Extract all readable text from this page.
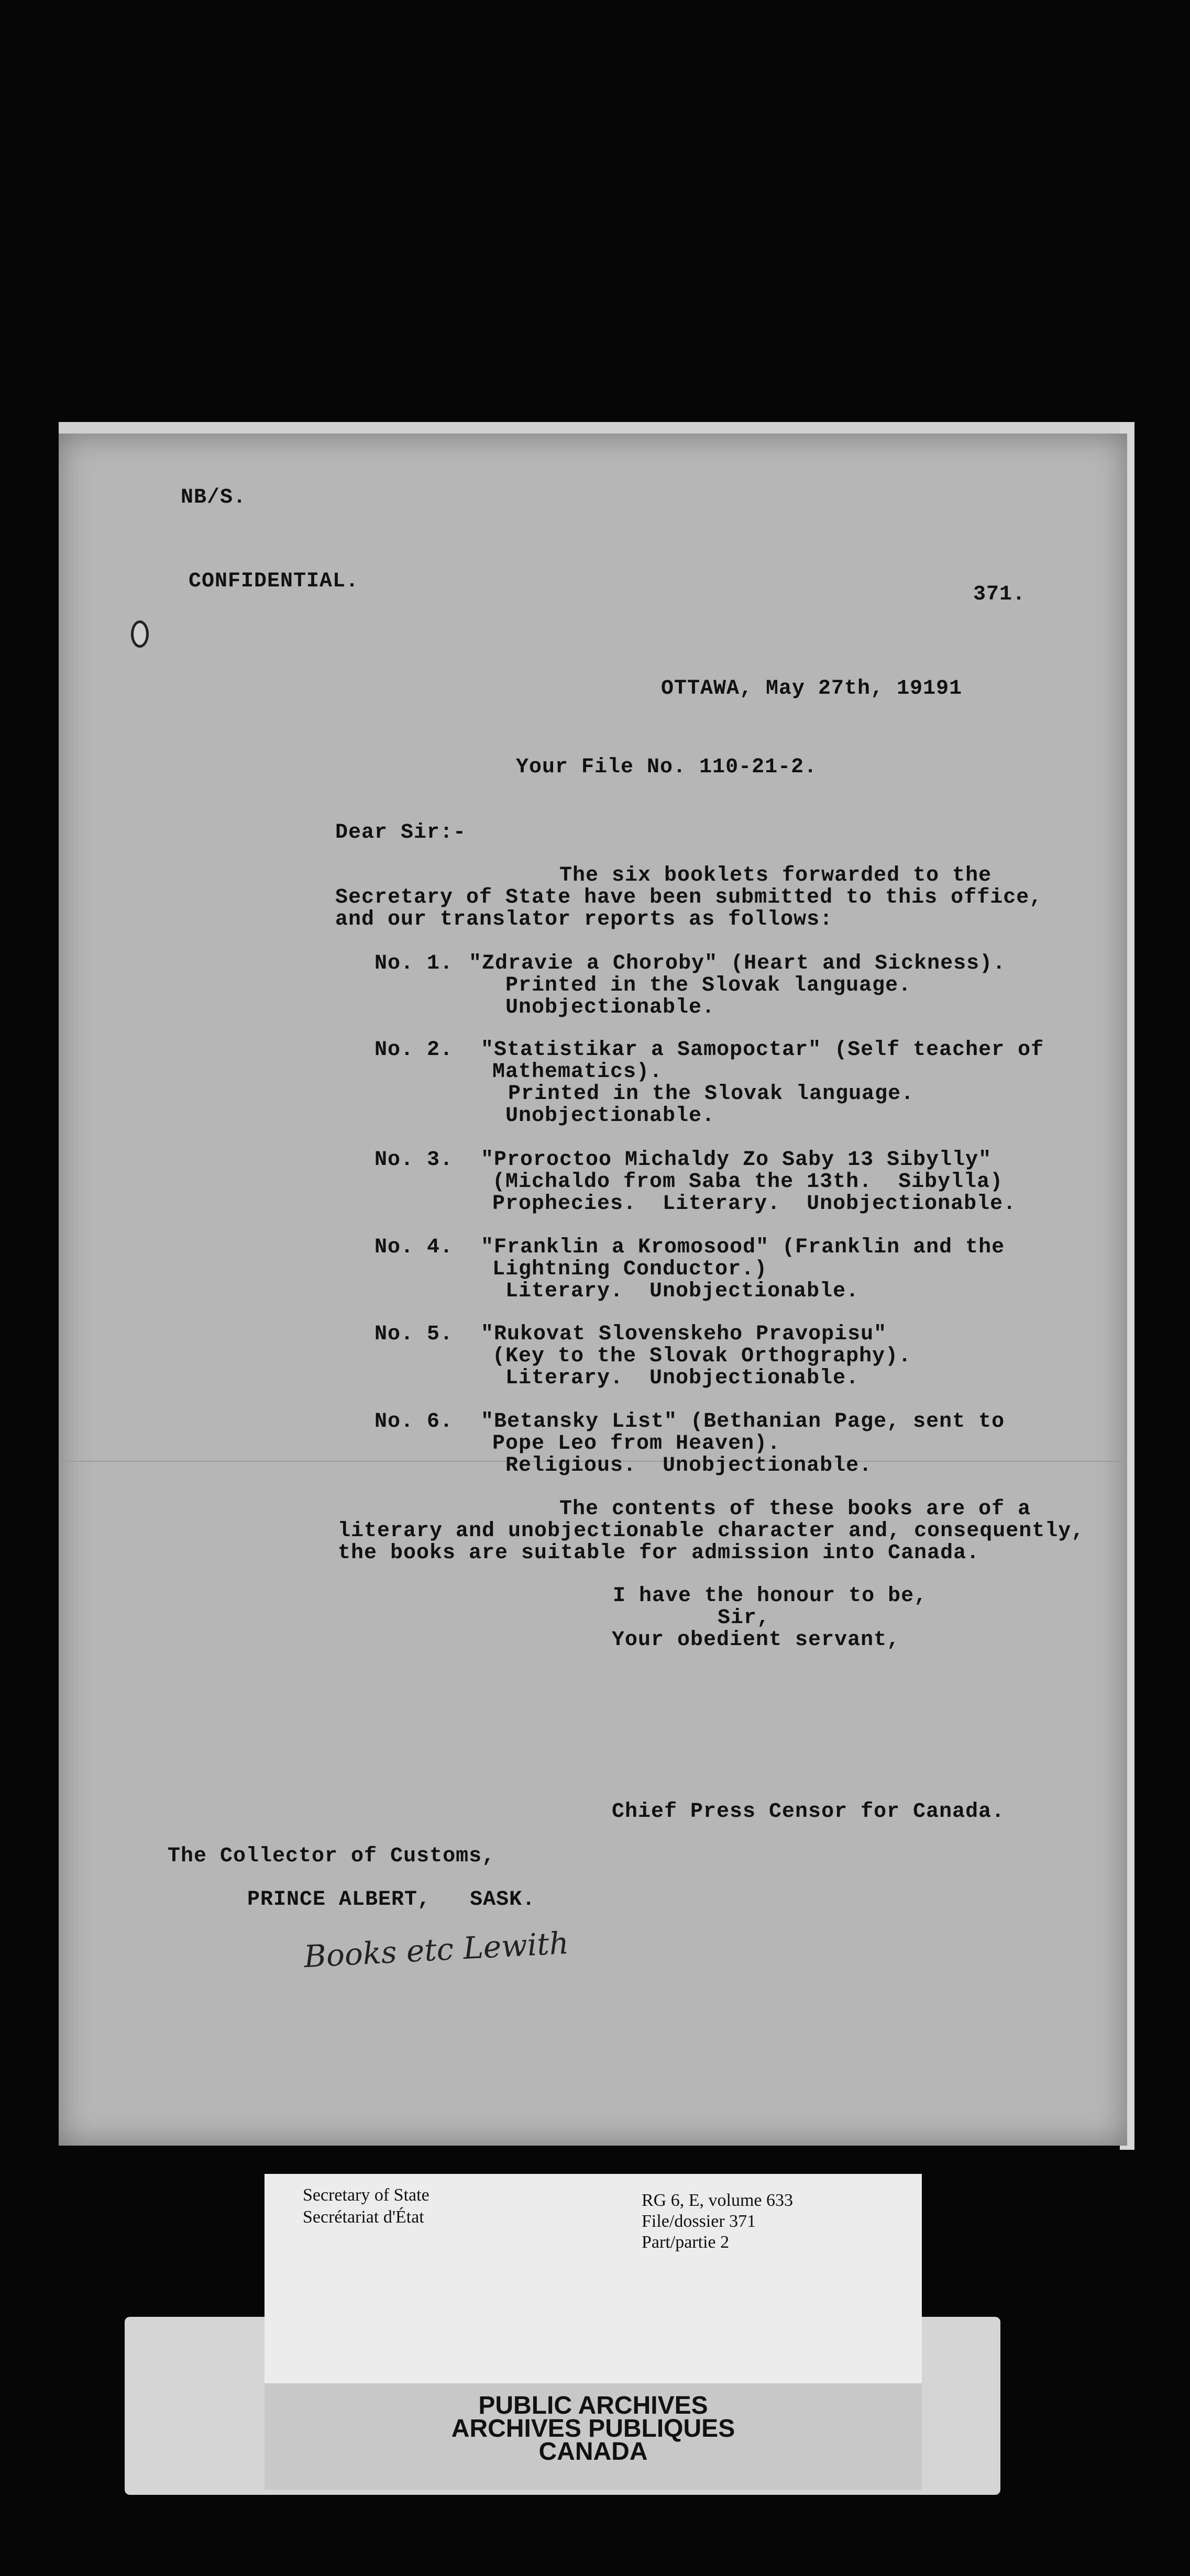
NB/S.
CONFIDENTIAL.
371.
OTTAWA, May 27th, 19191
Your File No. 110-21-2.
Dear Sir:-
The six booklets forwarded to the
Secretary of State have been submitted to this office,
and our translator reports as follows:
No. 1. "Zdravie a Choroby" (Heart and Sickness).
Printed in the Slovak language.
Unobjectionable.
No. 2. "Statistikar a Samopoctar" (Self teacher of
Mathematics).
Printed in the Slovak language.
Unobjectionable.
No. 3. "Proroctoo Michaldy Zo Saby 13 Sibylly"
(Michaldo from Saba the 13th.  Sibylla)
Prophecies.  Literary.  Unobjectionable.
No. 4. "Franklin a Kromosood" (Franklin and the
Lightning Conductor.)
Literary.  Unobjectionable.
No. 5. "Rukovat Slovenskeho Pravopisu"
(Key to the Slovak Orthography).
Literary.  Unobjectionable.
No. 6. "Betansky List" (Bethanian Page, sent to
Pope Leo from Heaven).
Religious.  Unobjectionable.
The contents of these books are of a
literary and unobjectionable character and, consequently,
the books are suitable for admission into Canada.
I have the honour to be,
Sir,
Your obedient servant,
Chief Press Censor for Canada.
The Collector of Customs,
PRINCE ALBERT,   SASK.
Books etc Lewith
PUBLIC ARCHIVES
ARCHIVES PUBLIQUES
CANADA
Secretary of State
Secrétariat d'État
RG 6, E, volume 633
File/dossier 371
Part/partie 2
